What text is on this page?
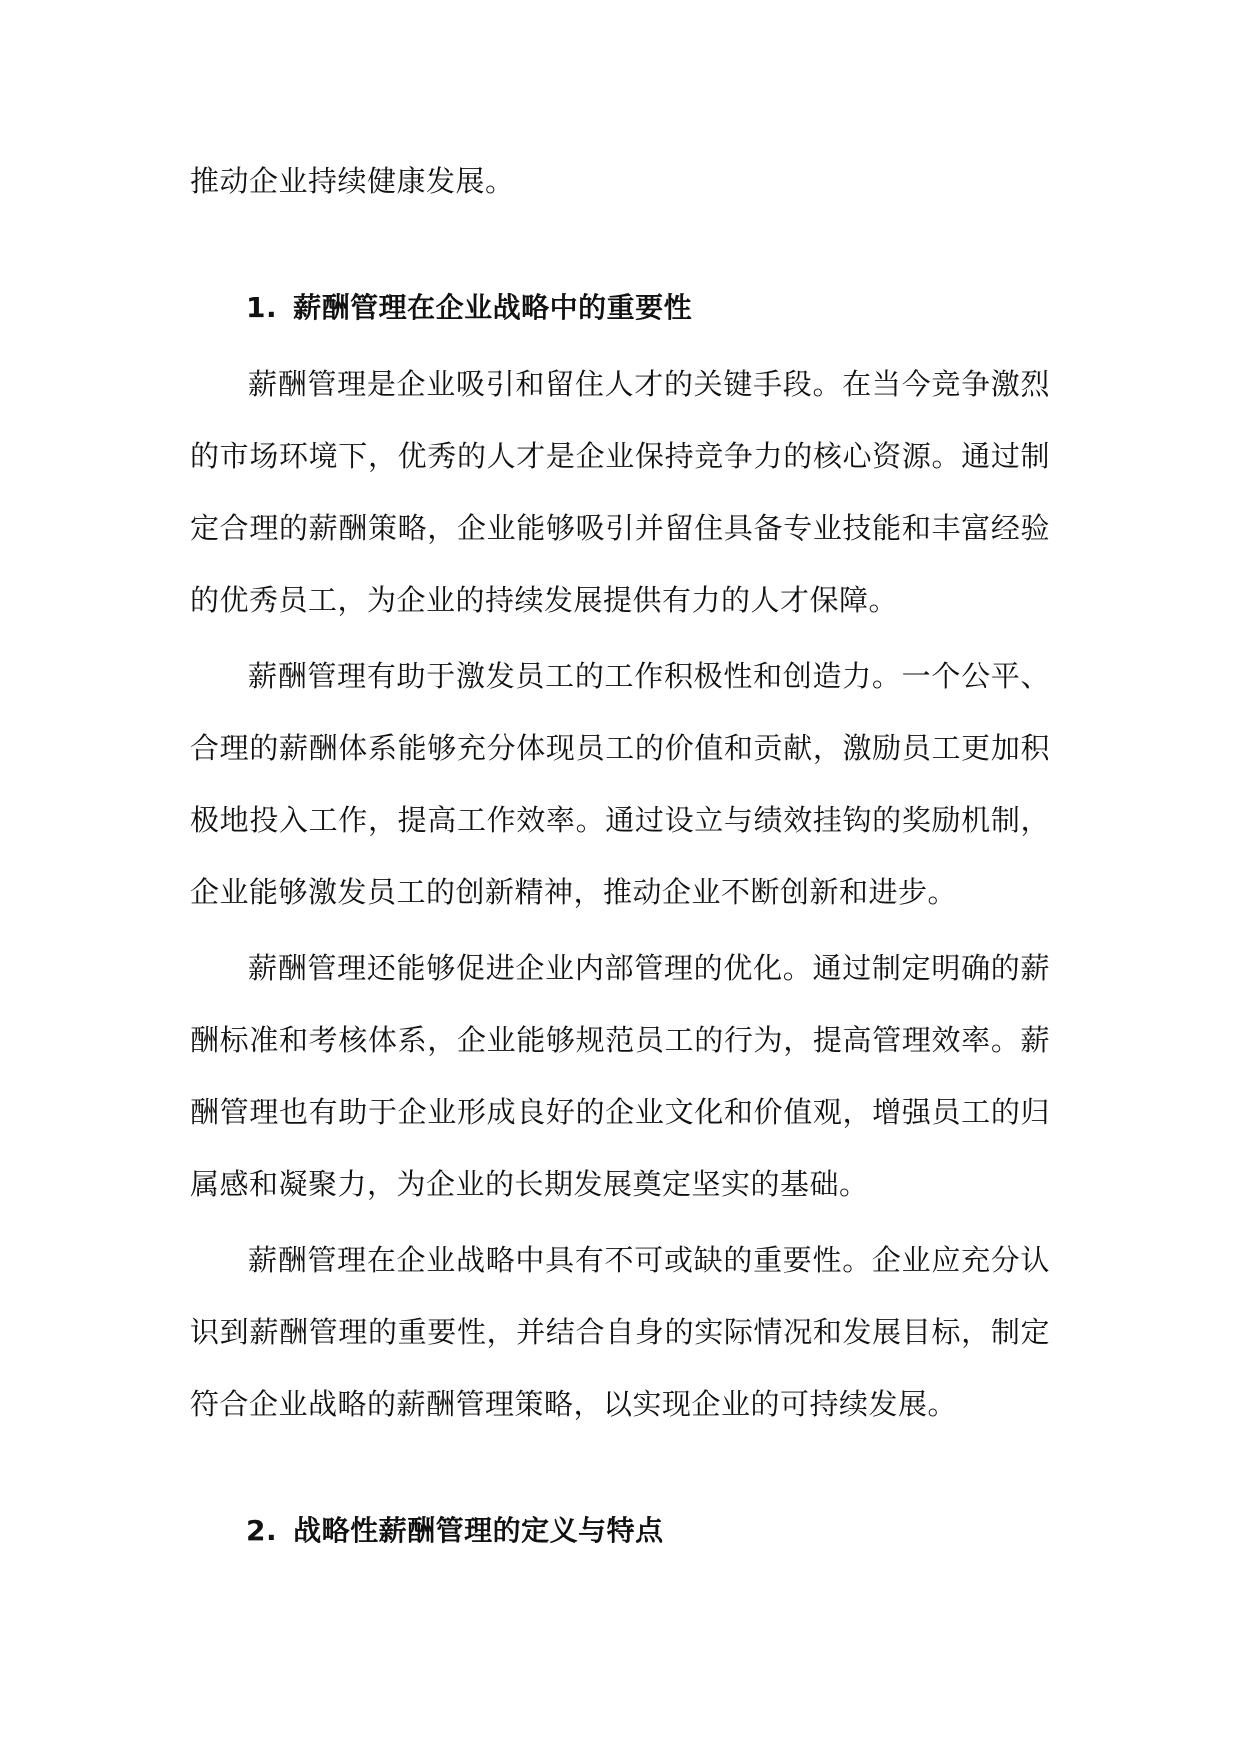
推动企业持续健康发展。

1. 薪酬管理在企业战略中的重要性

薪酬管理是企业吸引和留住人才的关键手段。在当今竞争激烈的市场环境下，优秀的人才是企业保持竞争力的核心资源。通过制定合理的薪酬策略，企业能够吸引并留住具备专业技能和丰富经验的优秀员工，为企业的持续发展提供有力的人才保障。

薪酬管理有助于激发员工的工作积极性和创造力。一个公平、合理的薪酬体系能够充分体现员工的价值和贡献，激励员工更加积极地投入工作，提高工作效率。通过设立与绩效挂钩的奖励机制，企业能够激发员工的创新精神，推动企业不断创新和进步。

薪酬管理还能够促进企业内部管理的优化。通过制定明确的薪酬标准和考核体系，企业能够规范员工的行为，提高管理效率。薪酬管理也有助于企业形成良好的企业文化和价值观，增强员工的归属感和凝聚力，为企业的长期发展奠定坚实的基础。

薪酬管理在企业战略中具有不可或缺的重要性。企业应充分认识到薪酬管理的重要性，并结合自身的实际情况和发展目标，制定符合企业战略的薪酬管理策略，以实现企业的可持续发展。

2. 战略性薪酬管理的定义与特点
